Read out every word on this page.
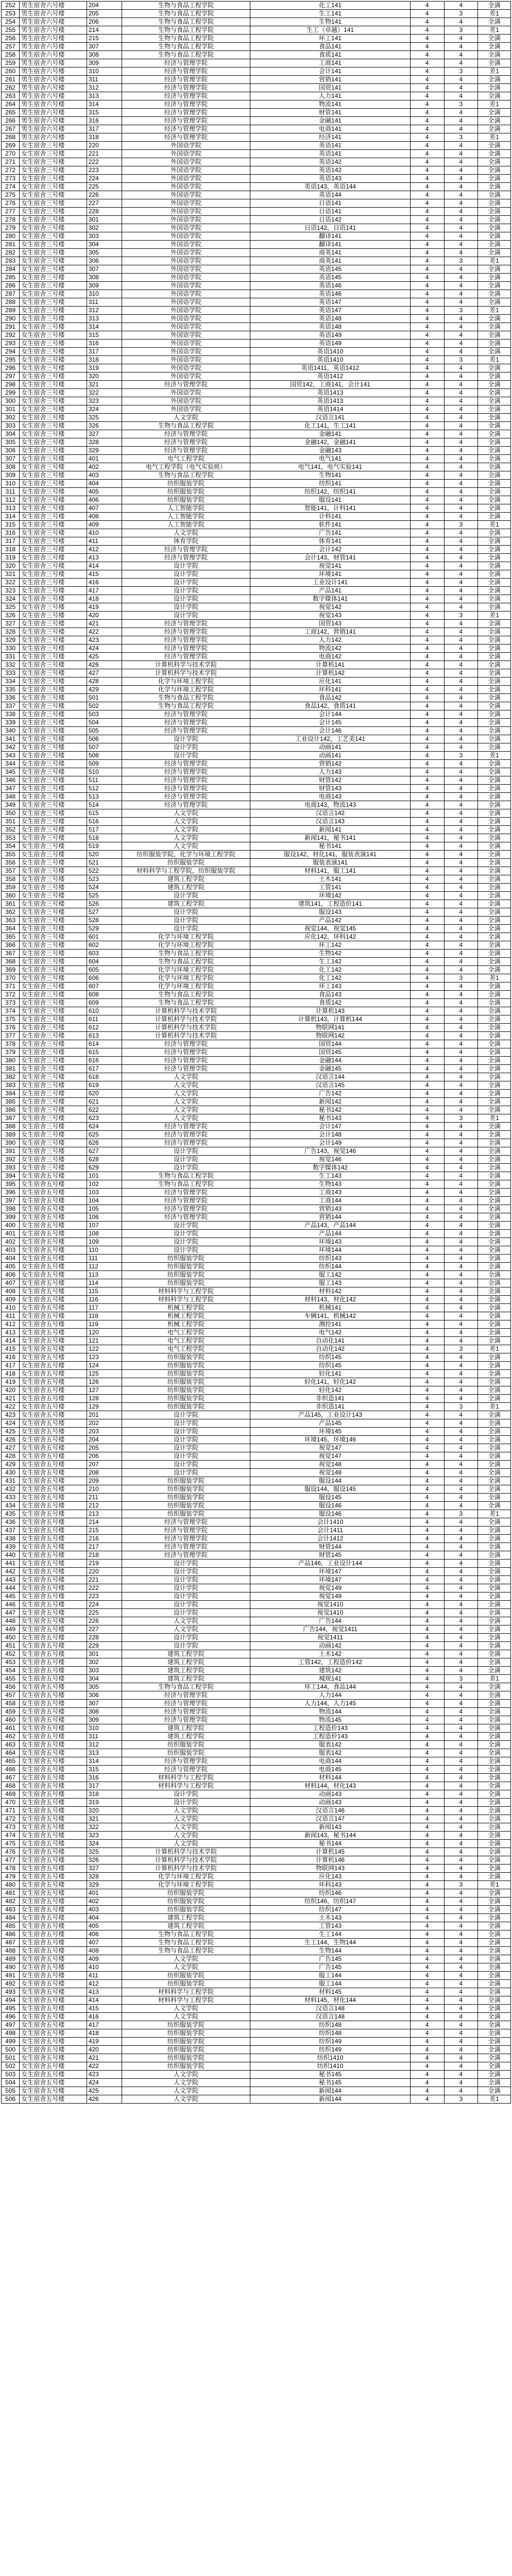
252	男生宿舍六号楼	204	生物与食品工程学院	化工141	4	4	全满
253	男生宿舍六号楼	205	生物与食品工程学院	生工141	4	3	差1
254	男生宿舍六号楼	206	生物与食品工程学院	生物141	4	4	全满
255	男生宿舍六号楼	214	生物与食品工程学院	生工（卓越）141	4	3	差1
256	男生宿舍六号楼	215	生物与食品工程学院	环工141	4	4	全满
257	男生宿舍六号楼	307	生物与食品工程学院	食品141	4	4	全满
258	男生宿舍六号楼	308	生物与食品工程学院	食质141	4	4	全满
259	男生宿舍六号楼	309	经济与管理学院	工商141	4	4	全满
260	男生宿舍六号楼	310	经济与管理学院	会计141	4	3	差1
261	男生宿舍六号楼	311	经济与管理学院	营销141	4	4	全满
262	男生宿舍六号楼	312	经济与管理学院	国贸141	4	4	全满
263	男生宿舍六号楼	313	经济与管理学院	人力141	4	4	全满
264	男生宿舍六号楼	314	经济与管理学院	物流141	4	3	差1
265	男生宿舍六号楼	315	经济与管理学院	财管141	4	4	全满
266	男生宿舍六号楼	316	经济与管理学院	金融141	4	4	全满
267	男生宿舍六号楼	317	经济与管理学院	电商141	4	4	全满
268	男生宿舍六号楼	318	经济与管理学院	经济141	4	3	差1
269	女生宿舍三号楼	220	外国语学院	英语141	4	4	全满
270	女生宿舍三号楼	221	外国语学院	英语141	4	4	全满
271	女生宿舍三号楼	222	外国语学院	英语142	4	4	全满
272	女生宿舍三号楼	223	外国语学院	英语142	4	4	全满
273	女生宿舍三号楼	224	外国语学院	英语143	4	4	全满
274	女生宿舍三号楼	225	外国语学院	英语143，英语144	4	4	全满
275	女生宿舍三号楼	226	外国语学院	英语144	4	4	全满
276	女生宿舍三号楼	227	外国语学院	日语141	4	4	全满
277	女生宿舍三号楼	228	外国语学院	日语141	4	4	全满
278	女生宿舍三号楼	301	外国语学院	日语142	4	4	全满
279	女生宿舍三号楼	302	外国语学院	日语142，日语141	4	4	全满
280	女生宿舍三号楼	303	外国语学院	翻译141	4	4	全满
281	女生宿舍三号楼	304	外国语学院	翻译141	4	4	全满
282	女生宿舍三号楼	305	外国语学院	商英141	4	4	全满
283	女生宿舍三号楼	306	外国语学院	商英141	4	3	差1
284	女生宿舍三号楼	307	外国语学院	英语145	4	4	全满
285	女生宿舍三号楼	308	外国语学院	英语145	4	4	全满
286	女生宿舍三号楼	309	外国语学院	英语146	4	4	全满
287	女生宿舍三号楼	310	外国语学院	英语146	4	4	全满
288	女生宿舍三号楼	311	外国语学院	英语147	4	4	全满
289	女生宿舍三号楼	312	外国语学院	英语147	4	3	差1
290	女生宿舍三号楼	313	外国语学院	英语148	4	4	全满
291	女生宿舍三号楼	314	外国语学院	英语148	4	4	全满
292	女生宿舍三号楼	315	外国语学院	英语149	4	4	全满
293	女生宿舍三号楼	316	外国语学院	英语149	4	4	全满
294	女生宿舍三号楼	317	外国语学院	英语1410	4	4	全满
295	女生宿舍三号楼	318	外国语学院	英语1410	4	3	差1
296	女生宿舍三号楼	319	外国语学院	英语1411，英语1412	4	4	全满
297	女生宿舍三号楼	320	外国语学院	英语1412	4	4	全满
298	女生宿舍三号楼	321	经济与管理学院	国贸142，工商141，会计141	4	4	全满
299	女生宿舍三号楼	322	外国语学院	英语1413	4	4	全满
300	女生宿舍三号楼	323	外国语学院	英语1413	4	4	全满
301	女生宿舍三号楼	324	外国语学院	英语1414	4	4	全满
302	女生宿舍三号楼	325	人文学院	汉语言141	4	4	全满
303	女生宿舍三号楼	326	生物与食品工程学院	化工141，生工141	4	4	全满
304	女生宿舍三号楼	327	经济与管理学院	金融141	4	4	全满
305	女生宿舍三号楼	328	经济与管理学院	金融142，金融141	4	4	全满
306	女生宿舍三号楼	329	经济与管理学院	金融143	4	4	全满
307	女生宿舍三号楼	401	电气工程学院	电气141	4	4	全满
308	女生宿舍三号楼	402	电气工程学院（电气实验班）	电气141，电气实验141	4	4	全满
309	女生宿舍三号楼	403	生物与食品工程学院	生物141	4	4	全满
310	女生宿舍三号楼	404	纺织服装学院	纺织141	4	4	全满
311	女生宿舍三号楼	405	纺织服装学院	纺织142，纺织141	4	4	全满
312	女生宿舍三号楼	406	纺织服装学院	服设141	4	4	全满
313	女生宿舍三号楼	407	人工智能学院	智能141，计科141	4	4	全满
314	女生宿舍三号楼	408	人工智能学院	计科141	4	4	全满
315	女生宿舍三号楼	409	人工智能学院	软件141	4	3	差1
316	女生宿舍三号楼	410	人文学院	广告141	4	4	全满
317	女生宿舍三号楼	411	体育学院	体育141	4	4	全满
318	女生宿舍三号楼	412	经济与管理学院	会计142	4	4	全满
319	女生宿舍三号楼	413	经济与管理学院	会计143，财管141	4	4	全满
320	女生宿舍三号楼	414	设计学院	视觉141	4	4	全满
321	女生宿舍三号楼	415	设计学院	环境141	4	4	全满
322	女生宿舍三号楼	416	设计学院	工业设计141	4	4	全满
323	女生宿舍三号楼	417	设计学院	产品141	4	4	全满
324	女生宿舍三号楼	418	设计学院	数字媒体141	4	4	全满
325	女生宿舍三号楼	419	设计学院	视觉142	4	4	全满
326	女生宿舍三号楼	420	设计学院	视觉143	4	3	差1
327	女生宿舍三号楼	421	经济与管理学院	国贸143	4	4	全满
328	女生宿舍三号楼	422	经济与管理学院	工商142，营销141	4	4	全满
329	女生宿舍三号楼	423	经济与管理学院	人力142	4	4	全满
330	女生宿舍三号楼	424	经济与管理学院	物流142	4	4	全满
331	女生宿舍三号楼	425	经济与管理学院	电商142	4	4	全满
332	女生宿舍三号楼	426	计算机科学与技术学院	计算机141	4	4	全满
333	女生宿舍三号楼	427	计算机科学与技术学院	计算机142	4	4	全满
334	女生宿舍三号楼	428	化学与环境工程学院	应化141	4	4	全满
335	女生宿舍三号楼	429	化学与环境工程学院	环科141	4	4	全满
336	女生宿舍三号楼	501	生物与食品工程学院	食品142	4	4	全满
337	女生宿舍三号楼	502	生物与食品工程学院	食品142，食质141	4	4	全满
338	女生宿舍三号楼	503	经济与管理学院	会计144	4	4	全满
339	女生宿舍三号楼	504	经济与管理学院	会计145	4	4	全满
340	女生宿舍三号楼	505	经济与管理学院	会计146	4	4	全满
341	女生宿舍三号楼	506	设计学院	工业设计142，工艺美141	4	4	全满
342	女生宿舍三号楼	507	设计学院	动画141	4	4	全满
343	女生宿舍三号楼	508	设计学院	动画141	4	3	差1
344	女生宿舍三号楼	509	经济与管理学院	营销142	4	4	全满
345	女生宿舍三号楼	510	经济与管理学院	人力143	4	4	全满
346	女生宿舍三号楼	511	经济与管理学院	财管142	4	4	全满
347	女生宿舍三号楼	512	经济与管理学院	财管143	4	4	全满
348	女生宿舍三号楼	513	经济与管理学院	电商143	4	4	全满
349	女生宿舍三号楼	514	经济与管理学院	电商143，物流143	4	4	全满
350	女生宿舍三号楼	515	人文学院	汉语言142	4	4	全满
351	女生宿舍三号楼	516	人文学院	汉语言143	4	4	全满
352	女生宿舍三号楼	517	人文学院	新闻141	4	4	全满
353	女生宿舍三号楼	518	人文学院	新闻141，秘书141	4	4	全满
354	女生宿舍三号楼	519	人文学院	秘书141	4	4	全满
355	女生宿舍三号楼	520	纺织服装学院，化学与环境工程学院	服设142，材化141，服装表演141	4	4	全满
356	女生宿舍三号楼	521	纺织服装学院	服装表演141	4	4	全满
357	女生宿舍三号楼	522	材料科学与工程学院，纺织服装学院	材料141，服工141	4	4	全满
358	女生宿舍三号楼	523	建筑工程学院	土木141	4	4	全满
359	女生宿舍三号楼	524	建筑工程学院	工管141	4	4	全满
360	女生宿舍三号楼	525	设计学院	环境142	4	4	全满
361	女生宿舍三号楼	526	建筑工程学院	建筑141，工程造价141	4	4	全满
362	女生宿舍三号楼	527	设计学院	服设143	4	4	全满
363	女生宿舍三号楼	528	设计学院	产品142	4	4	全满
364	女生宿舍三号楼	529	设计学院	视觉144，视觉145	4	4	全满
365	女生宿舍三号楼	601	化学与环境工程学院	应化142，环科142	4	4	全满
366	女生宿舍三号楼	602	化学与环境工程学院	环工142	4	4	全满
367	女生宿舍三号楼	603	生物与食品工程学院	生物142	4	4	全满
368	女生宿舍三号楼	604	生物与食品工程学院	生工142	4	4	全满
369	女生宿舍三号楼	605	化学与环境工程学院	化工142	4	4	全满
370	女生宿舍三号楼	606	化学与环境工程学院	化工142	4	3	差1
371	女生宿舍三号楼	607	化学与环境工程学院	环工143	4	4	全满
372	女生宿舍三号楼	608	生物与食品工程学院	食品143	4	4	全满
373	女生宿舍三号楼	609	生物与食品工程学院	食质142	4	4	全满
374	女生宿舍三号楼	610	计算机科学与技术学院	计算机143	4	4	全满
375	女生宿舍三号楼	611	计算机科学与技术学院	计算机143，计算机144	4	4	全满
376	女生宿舍三号楼	612	计算机科学与技术学院	物联网141	4	4	全满
377	女生宿舍三号楼	613	计算机科学与技术学院	物联网142	4	4	全满
378	女生宿舍三号楼	614	经济与管理学院	国贸144	4	4	全满
379	女生宿舍三号楼	615	经济与管理学院	国贸145	4	4	全满
380	女生宿舍三号楼	616	经济与管理学院	金融144	4	4	全满
381	女生宿舍三号楼	617	经济与管理学院	金融145	4	4	全满
382	女生宿舍三号楼	618	人文学院	汉语言144	4	4	全满
383	女生宿舍三号楼	619	人文学院	汉语言145	4	4	全满
384	女生宿舍三号楼	620	人文学院	广告142	4	4	全满
385	女生宿舍三号楼	621	人文学院	新闻142	4	4	全满
386	女生宿舍三号楼	622	人文学院	秘书142	4	4	全满
387	女生宿舍三号楼	623	人文学院	秘书143	4	3	差1
388	女生宿舍三号楼	624	经济与管理学院	会计147	4	4	全满
389	女生宿舍三号楼	625	经济与管理学院	会计148	4	4	全满
390	女生宿舍三号楼	626	经济与管理学院	会计149	4	4	全满
391	女生宿舍三号楼	627	设计学院	广告143，视觉146	4	4	全满
392	女生宿舍三号楼	628	设计学院	视觉146	4	4	全满
393	女生宿舍三号楼	629	设计学院	数字媒体142	4	4	全满
394	女生宿舍五号楼	101	生物与食品工程学院	生工143	4	4	全满
395	女生宿舍五号楼	102	生物与食品工程学院	生物143	4	4	全满
396	女生宿舍五号楼	103	经济与管理学院	工商143	4	4	全满
397	女生宿舍五号楼	104	经济与管理学院	工商144	4	4	全满
398	女生宿舍五号楼	105	经济与管理学院	营销143	4	4	全满
399	女生宿舍五号楼	106	经济与管理学院	营销144	4	4	全满
400	女生宿舍五号楼	107	设计学院	产品143，产品144	4	4	全满
401	女生宿舍五号楼	108	设计学院	产品144	4	4	全满
402	女生宿舍五号楼	109	设计学院	环境143	4	4	全满
403	女生宿舍五号楼	110	设计学院	环境144	4	4	全满
404	女生宿舍五号楼	111	纺织服装学院	纺织143	4	4	全满
405	女生宿舍五号楼	112	纺织服装学院	纺织144	4	4	全满
406	女生宿舍五号楼	113	纺织服装学院	服工142	4	4	全满
407	女生宿舍五号楼	114	纺织服装学院	服工143	4	4	全满
408	女生宿舍五号楼	115	材料科学与工程学院	材料142	4	4	全满
409	女生宿舍五号楼	116	材料科学与工程学院	材料143，材化142	4	4	全满
410	女生宿舍五号楼	117	机械工程学院	机械141	4	4	全满
411	女生宿舍五号楼	118	机械工程学院	车辆141，机械142	4	4	全满
412	女生宿舍五号楼	119	机械工程学院	测控141	4	4	全满
413	女生宿舍五号楼	120	电气工程学院	电气142	4	4	全满
414	女生宿舍五号楼	121	电气工程学院	自动化141	4	4	全满
415	女生宿舍五号楼	122	电气工程学院	自动化142	4	3	差1
416	女生宿舍五号楼	123	纺织服装学院	纺织145	4	4	全满
417	女生宿舍五号楼	124	纺织服装学院	纺织145	4	4	全满
418	女生宿舍五号楼	125	纺织服装学院	轻化141	4	4	全满
419	女生宿舍五号楼	126	纺织服装学院	轻化141，轻化142	4	4	全满
420	女生宿舍五号楼	127	纺织服装学院	轻化142	4	4	全满
421	女生宿舍五号楼	128	纺织服装学院	非织造141	4	4	全满
422	女生宿舍五号楼	129	纺织服装学院	非织造141	4	3	差1
423	女生宿舍五号楼	201	设计学院	产品145，工业设计143	4	4	全满
424	女生宿舍五号楼	202	设计学院	产品145	4	4	全满
425	女生宿舍五号楼	203	设计学院	环境145	4	4	全满
426	女生宿舍五号楼	204	设计学院	环境145，环境146	4	4	全满
427	女生宿舍五号楼	205	设计学院	视觉147	4	4	全满
428	女生宿舍五号楼	206	设计学院	视觉147	4	4	全满
429	女生宿舍五号楼	207	设计学院	视觉148	4	4	全满
430	女生宿舍五号楼	208	设计学院	视觉148	4	4	全满
431	女生宿舍五号楼	209	纺织服装学院	服设144	4	4	全满
432	女生宿舍五号楼	210	纺织服装学院	服设144，服设145	4	4	全满
433	女生宿舍五号楼	211	纺织服装学院	服设145	4	4	全满
434	女生宿舍五号楼	212	纺织服装学院	服设146	4	4	全满
435	女生宿舍五号楼	213	纺织服装学院	服设146	4	3	差1
436	女生宿舍五号楼	214	经济与管理学院	会计1410	4	4	全满
437	女生宿舍五号楼	215	经济与管理学院	会计1411	4	4	全满
438	女生宿舍五号楼	216	经济与管理学院	会计1412	4	4	全满
439	女生宿舍五号楼	217	经济与管理学院	财管144	4	4	全满
440	女生宿舍五号楼	218	经济与管理学院	财管145	4	4	全满
441	女生宿舍五号楼	219	设计学院	产品146，工业设计144	4	4	全满
442	女生宿舍五号楼	220	设计学院	环境147	4	4	全满
443	女生宿舍五号楼	221	设计学院	环境147	4	4	全满
444	女生宿舍五号楼	222	设计学院	视觉149	4	4	全满
445	女生宿舍五号楼	223	设计学院	视觉149	4	4	全满
446	女生宿舍五号楼	224	设计学院	视觉1410	4	4	全满
447	女生宿舍五号楼	225	设计学院	视觉1410	4	4	全满
448	女生宿舍五号楼	226	人文学院	广告144	4	4	全满
449	女生宿舍五号楼	227	人文学院	广告144，视觉1411	4	4	全满
450	女生宿舍五号楼	228	设计学院	视觉1411	4	4	全满
451	女生宿舍五号楼	229	设计学院	动画142	4	4	全满
452	女生宿舍五号楼	301	建筑工程学院	土木142	4	4	全满
453	女生宿舍五号楼	302	建筑工程学院	工管142，工程造价142	4	4	全满
454	女生宿舍五号楼	303	建筑工程学院	建筑142	4	4	全满
455	女生宿舍五号楼	304	建筑工程学院	城规141	4	3	差1
456	女生宿舍五号楼	305	生物与食品工程学院	环工144，食品144	4	4	全满
457	女生宿舍五号楼	306	经济与管理学院	人力144	4	4	全满
458	女生宿舍五号楼	307	经济与管理学院	人力144，人力145	4	4	全满
459	女生宿舍五号楼	308	经济与管理学院	物流144	4	4	全满
460	女生宿舍五号楼	309	经济与管理学院	物流145	4	4	全满
461	女生宿舍五号楼	310	建筑工程学院	工程造价143	4	4	全满
462	女生宿舍五号楼	311	建筑工程学院	工程造价143	4	4	全满
463	女生宿舍五号楼	312	纺织服装学院	服表142	4	4	全满
464	女生宿舍五号楼	313	纺织服装学院	服表142	4	4	全满
465	女生宿舍五号楼	314	经济与管理学院	电商144	4	4	全满
466	女生宿舍五号楼	315	经济与管理学院	电商145	4	4	全满
467	女生宿舍五号楼	316	材料科学与工程学院	材料144	4	4	全满
468	女生宿舍五号楼	317	材料科学与工程学院	材料144，材化143	4	4	全满
469	女生宿舍五号楼	318	设计学院	动画143	4	4	全满
470	女生宿舍五号楼	319	设计学院	动画143	4	4	全满
471	女生宿舍五号楼	320	人文学院	汉语言146	4	4	全满
472	女生宿舍五号楼	321	人文学院	汉语言147	4	4	全满
473	女生宿舍五号楼	322	人文学院	新闻143	4	4	全满
474	女生宿舍五号楼	323	人文学院	新闻143，秘书144	4	4	全满
475	女生宿舍五号楼	324	人文学院	秘书144	4	4	全满
476	女生宿舍五号楼	325	计算机科学与技术学院	计算机145	4	4	全满
477	女生宿舍五号楼	326	计算机科学与技术学院	计算机146	4	4	全满
478	女生宿舍五号楼	327	计算机科学与技术学院	物联网143	4	4	全满
479	女生宿舍五号楼	328	化学与环境工程学院	应化143	4	4	全满
480	女生宿舍五号楼	329	化学与环境工程学院	环科143	4	3	差1
481	女生宿舍五号楼	401	纺织服装学院	纺织146	4	4	全满
482	女生宿舍五号楼	402	纺织服装学院	纺织146，纺织147	4	4	全满
483	女生宿舍五号楼	403	纺织服装学院	纺织147	4	4	全满
484	女生宿舍五号楼	404	建筑工程学院	土木143	4	4	全满
485	女生宿舍五号楼	405	建筑工程学院	工管143	4	4	全满
486	女生宿舍五号楼	406	生物与食品工程学院	生工144	4	4	全满
487	女生宿舍五号楼	407	生物与食品工程学院	生工144，生物144	4	4	全满
488	女生宿舍五号楼	408	生物与食品工程学院	生物144	4	4	全满
489	女生宿舍五号楼	409	人文学院	广告145	4	4	全满
490	女生宿舍五号楼	410	人文学院	广告145	4	4	全满
491	女生宿舍五号楼	411	纺织服装学院	服工144	4	4	全满
492	女生宿舍五号楼	412	纺织服装学院	服工144	4	4	全满
493	女生宿舍五号楼	413	材料科学与工程学院	材料145	4	4	全满
494	女生宿舍五号楼	414	材料科学与工程学院	材料145，材化144	4	4	全满
495	女生宿舍五号楼	415	人文学院	汉语言148	4	4	全满
496	女生宿舍五号楼	416	人文学院	汉语言148	4	4	全满
497	女生宿舍五号楼	417	纺织服装学院	纺织148	4	4	全满
498	女生宿舍五号楼	418	纺织服装学院	纺织148	4	4	全满
499	女生宿舍五号楼	419	纺织服装学院	纺织149	4	4	全满
500	女生宿舍五号楼	420	纺织服装学院	纺织149	4	4	全满
501	女生宿舍五号楼	421	纺织服装学院	纺织1410	4	4	全满
502	女生宿舍五号楼	422	纺织服装学院	纺织1410	4	4	全满
503	女生宿舍五号楼	423	人文学院	秘书145	4	4	全满
504	女生宿舍五号楼	424	人文学院	秘书145	4	4	全满
505	女生宿舍五号楼	425	人文学院	新闻144	4	4	全满
506	女生宿舍五号楼	426	人文学院	新闻144	4	3	差1
